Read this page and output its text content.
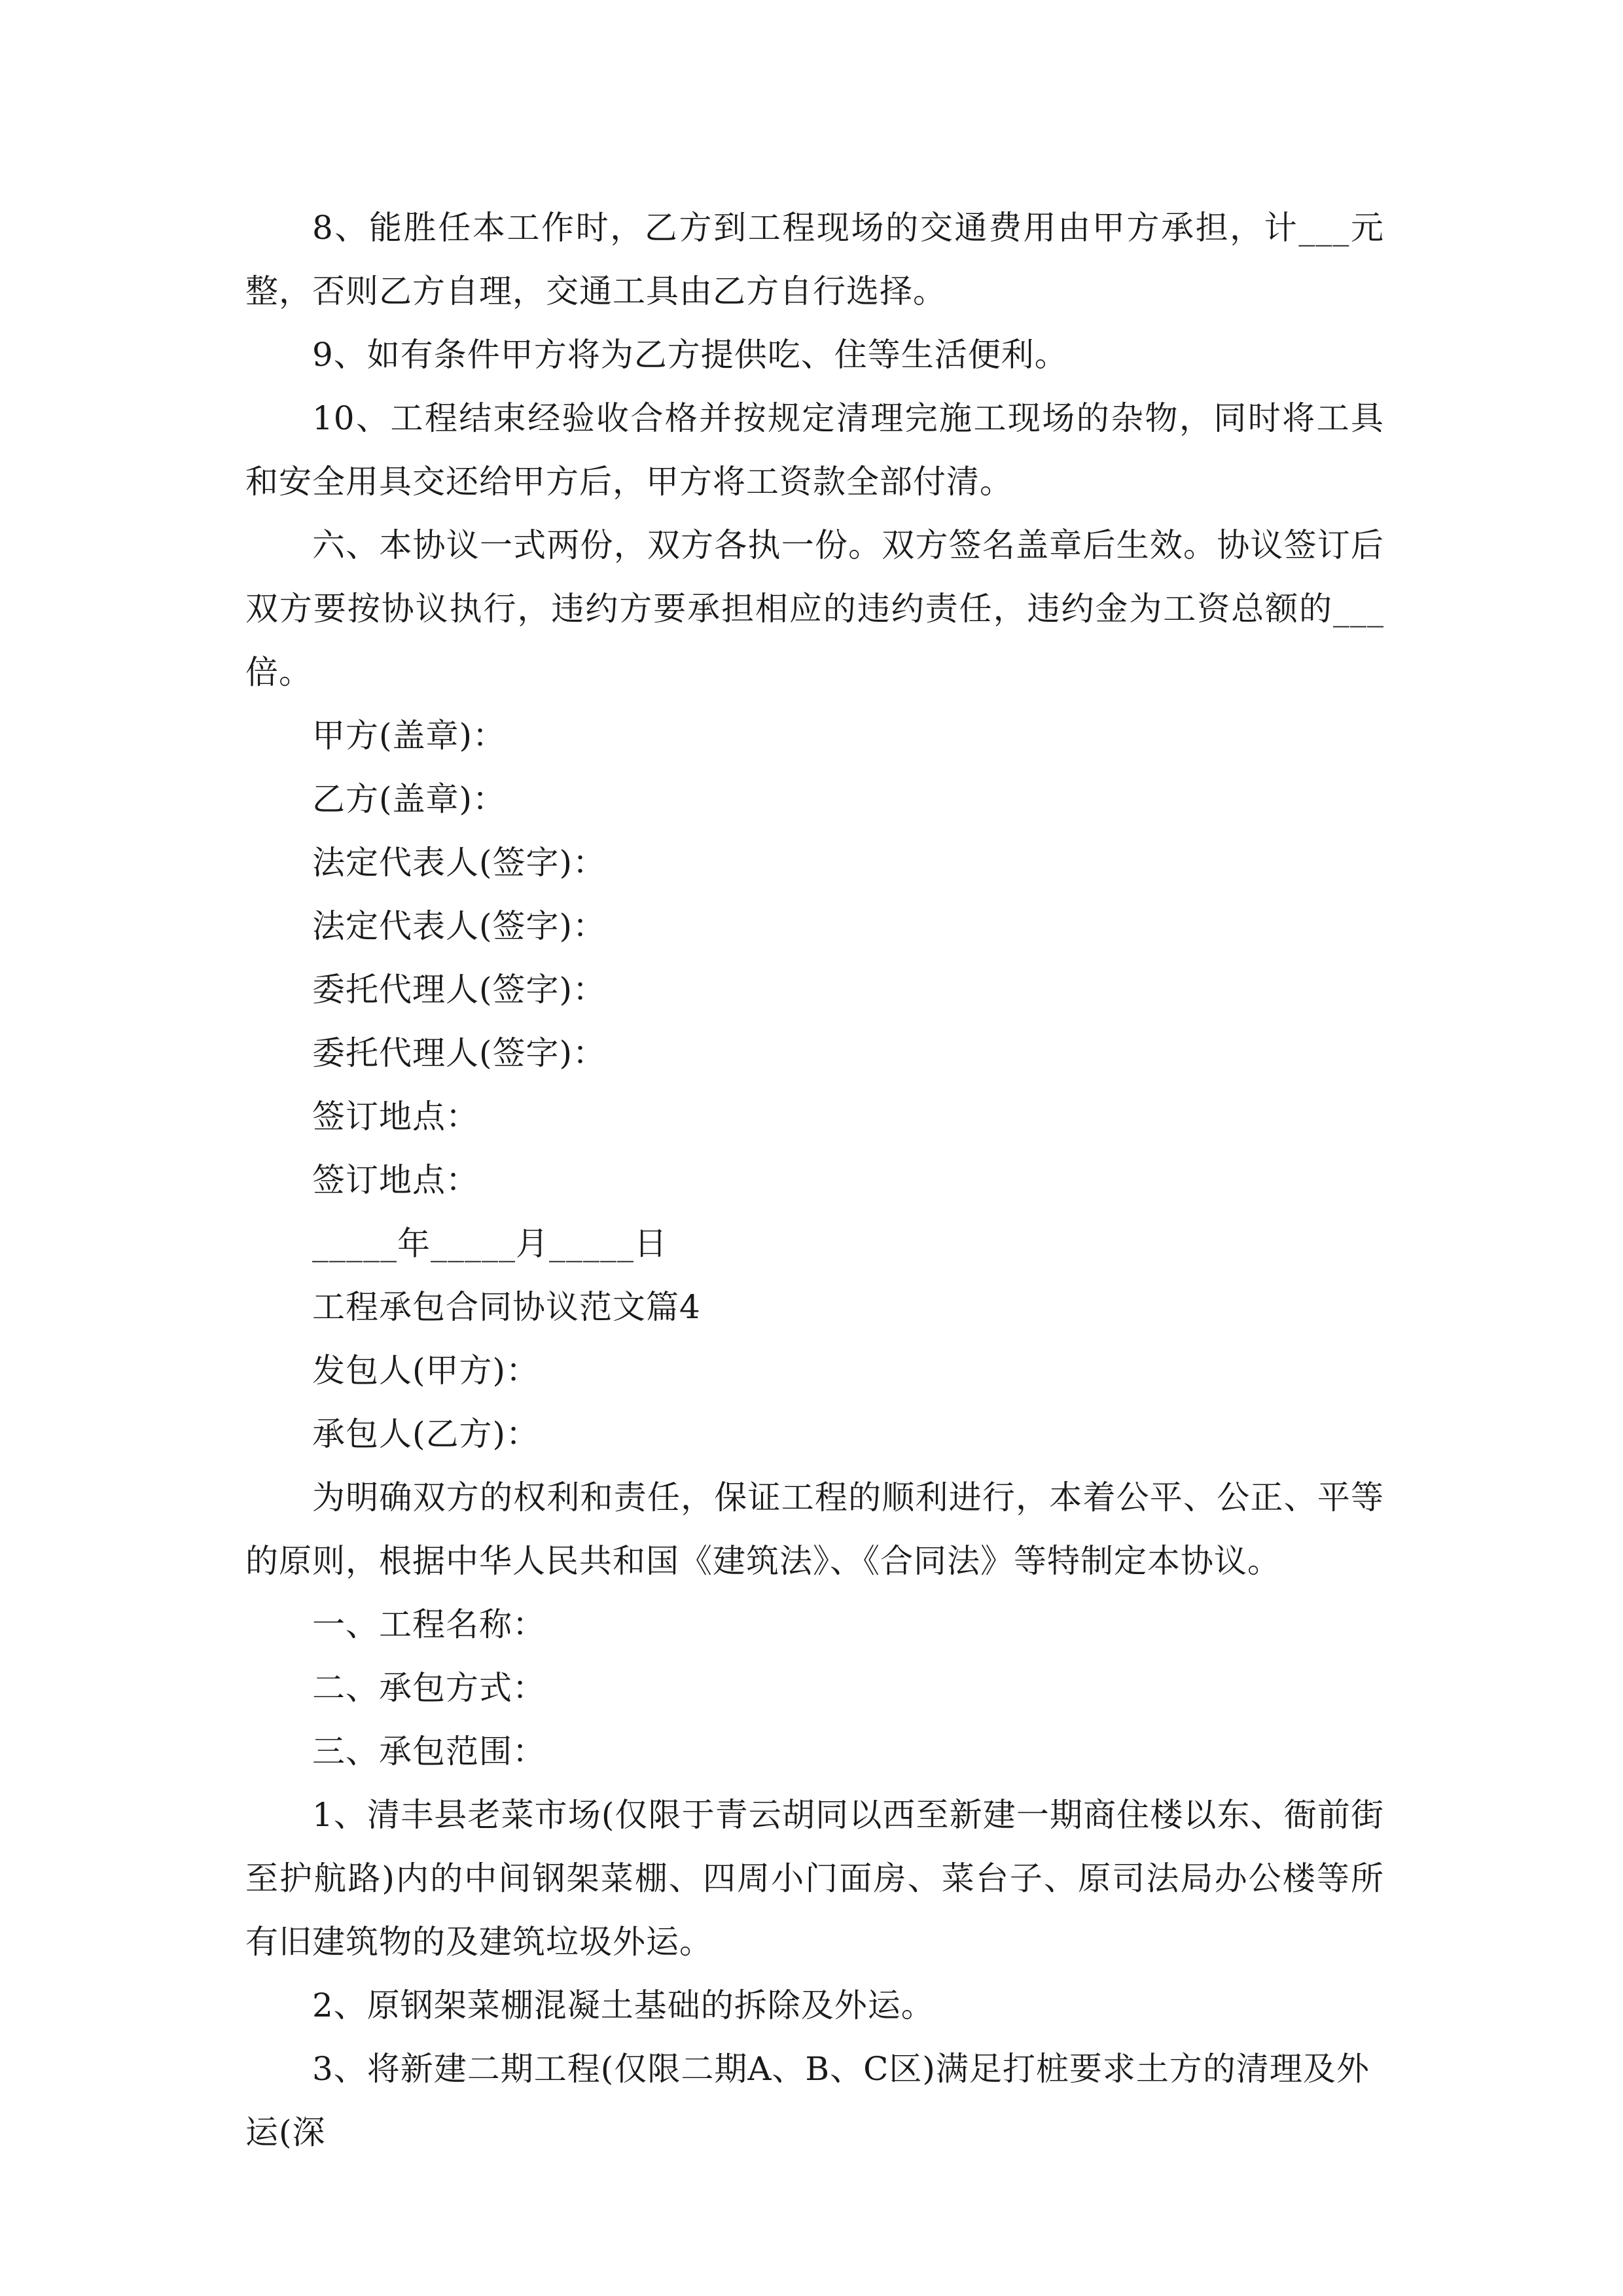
8、能胜任本工作时，乙方到工程现场的交通费用由甲方承担，计___元整，否则乙方自理，交通工具由乙方自行选择。

9、如有条件甲方将为乙方提供吃、住等生活便利。

10、工程结束经验收合格并按规定清理完施工现场的杂物，同时将工具和安全用具交还给甲方后，甲方将工资款全部付清。

六、本协议一式两份，双方各执一份。双方签名盖章后生效。协议签订后双方要按协议执行，违约方要承担相应的违约责任，违约金为工资总额的___倍。

甲方(盖章)：

乙方(盖章)：

法定代表人(签字)：

法定代表人(签字)：

委托代理人(签字)：

委托代理人(签字)：

签订地点：

签订地点：

_____年_____月_____日

工程承包合同协议范文篇4

发包人(甲方)：

承包人(乙方)：

为明确双方的权利和责任，保证工程的顺利进行，本着公平、公正、平等的原则，根据中华人民共和国《建筑法》、《合同法》等特制定本协议。

一、工程名称：

二、承包方式：

三、承包范围：

1、清丰县老菜市场(仅限于青云胡同以西至新建一期商住楼以东、衙前街至护航路)内的中间钢架菜棚、四周小门面房、菜台子、原司法局办公楼等所有旧建筑物的及建筑垃圾外运。

2、原钢架菜棚混凝土基础的拆除及外运。

3、将新建二期工程(仅限二期A、B、C区)满足打桩要求土方的清理及外运(深
